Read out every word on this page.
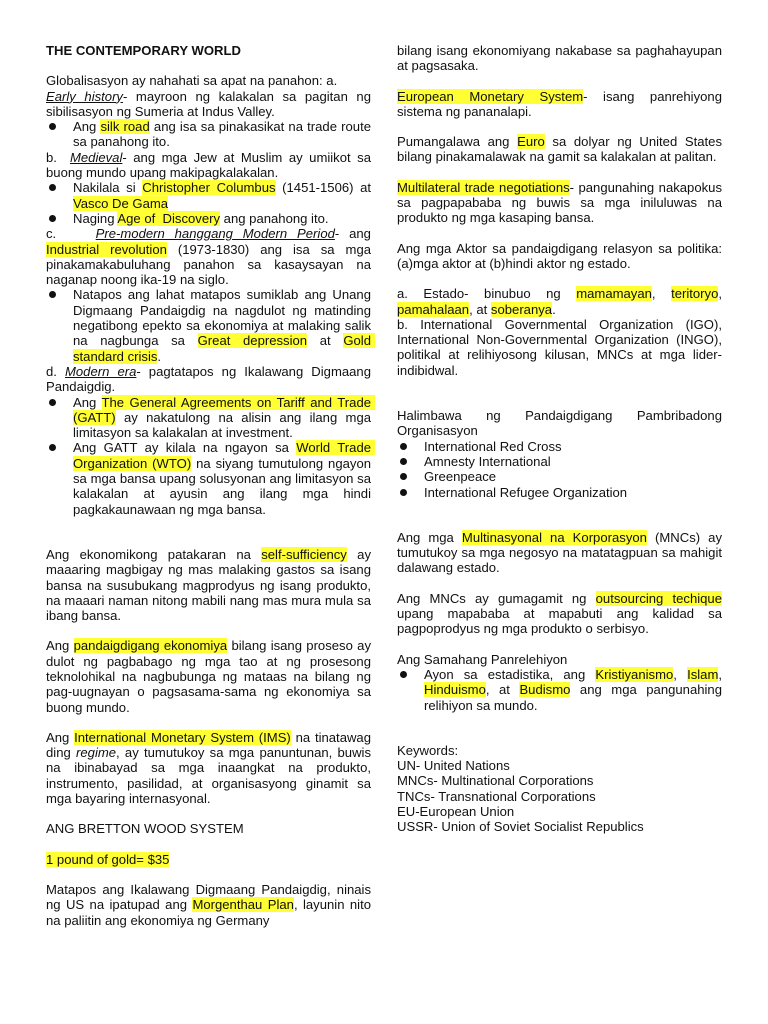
THE CONTEMPORARY WORLD

Globalisasyon ay nahahati sa apat na panahon: a.
Early history- mayroon ng kalakalan sa pagitan ng sibilisasyon ng Sumeria at Indus Valley.

Ang silk road ang isa sa pinakasikat na trade route sa panahong ito.

b. Medieval- ang mga Jew at Muslim ay umiikot sa buong mundo upang makipagkalakalan.

Nakilala si Christopher Columbus (1451-1506) at Vasco De Gama
Naging Age of  Discovery ang panahong ito.

c.	Pre-modern hanggang Modern Period- ang Industrial revolution (1973-1830) ang isa sa mga pinakamakabuluhang panahon sa kasaysayan na naganap noong ika-19 na siglo.

Natapos ang lahat matapos sumiklab ang Unang Digmaang Pandaigdig na nagdulot ng matinding negatibong epekto sa ekonomiya at malaking salik na nagbunga sa Great depression at Gold standard crisis.

d. Modern era- pagtatapos ng Ikalawang Digmaang Pandaigdig.

Ang The General Agreements on Tariff and Trade (GATT) ay nakatulong na alisin ang ilang mga limitasyon sa kalakalan at investment.
Ang GATT ay kilala na ngayon sa World Trade Organization (WTO) na siyang tumutulong ngayon sa mga bansa upang solusyonan ang limitasyon sa kalakalan at ayusin ang ilang mga hindi pagkakaunawaan ng mga bansa.

Ang ekonomikong patakaran na self-sufficiency ay maaaring magbigay ng mas malaking gastos sa isang bansa na susubukang magprodyus ng isang produkto, na maaari naman nitong mabili nang mas mura mula sa ibang bansa.

Ang pandaigdigang ekonomiya bilang isang proseso ay dulot ng pagbabago ng mga tao at ng prosesong teknolohikal na nagbubunga ng mataas na bilang ng pag-uugnayan o pagsasama-sama ng ekonomiya sa buong mundo.

Ang International Monetary System (IMS) na tinatawag ding regime, ay tumutukoy sa mga panuntunan, buwis na ibinabayad sa mga inaangkat na produkto, instrumento, pasilidad, at organisasyong ginamit sa mga bayaring internasyonal.

ANG BRETTON WOOD SYSTEM

1 pound of gold= $35

Matapos ang Ikalawang Digmaang Pandaigdig, ninais ng US na ipatupad ang Morgenthau Plan, layunin nito na paliitin ang ekonomiya ng Germany

bilang isang ekonomiyang nakabase sa paghahayupan at pagsasaka.

European Monetary System- isang panrehiyong sistema ng pananalapi.

Pumangalawa ang Euro sa dolyar ng United States bilang pinakamalawak na gamit sa kalakalan at palitan.

Multilateral trade negotiations- pangunahing nakapokus sa pagpapababa ng buwis sa mga iniluluwas na produkto ng mga kasaping bansa.

Ang mga Aktor sa pandaigdigang relasyon sa politika: (a)mga aktor at (b)hindi aktor ng estado.

a. Estado- binubuo ng mamamayan, teritoryo, pamahalaan, at soberanya.

b. International Governmental Organization (IGO), International Non-Governmental Organization (INGO), politikal at relihiyosong kilusan, MNCs at mga lider-indibidwal.

Halimbawa ng Pandaigdigang Pambribadong Organisasyon

International Red Cross
Amnesty International
Greenpeace
International Refugee Organization

Ang mga Multinasyonal na Korporasyon (MNCs) ay tumutukoy sa mga negosyo na matatagpuan sa mahigit dalawang estado.

Ang MNCs ay gumagamit ng outsourcing techique upang mapababa at mapabuti ang kalidad sa pagpoprodyus ng mga produkto o serbisyo.

Ang Samahang Panrelehiyon

Ayon sa estadistika, ang Kristiyanismo, Islam, Hinduismo, at Budismo ang mga pangunahing relihiyon sa mundo.

Keywords:

UN- United Nations
MNCs- Multinational Corporations
TNCs- Transnational Corporations
EU-European Union
USSR- Union of Soviet Socialist Republics
